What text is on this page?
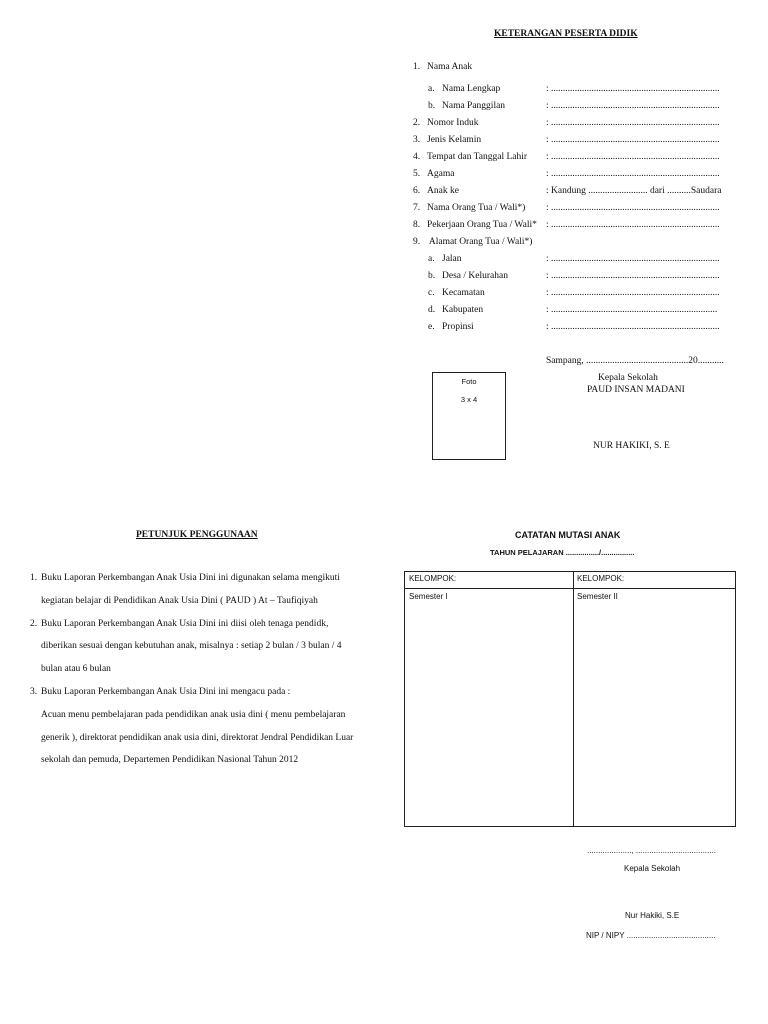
KETERANGAN PESERTA DIDIK
1. Nama Anak
a. Nama Lengkap	: .......................................................................
b. Nama Panggilan	: .......................................................................
2. Nomor Induk	: .......................................................................
3. Jenis Kelamin	: .......................................................................
4. Tempat dan Tanggal Lahir : .......................................................................
5. Agama	: .......................................................................
6. Anak ke	: Kandung ......................... dari ..........Saudara
7. Nama Orang Tua / Wali*) : .......................................................................
8. Pekerjaan Orang Tua / Wali* : .......................................................................
9. Alamat Orang Tua / Wali*)
a. Jalan	: .......................................................................
b. Desa / Kelurahan	: .......................................................................
c. Kecamatan	: .......................................................................
d. Kabupaten	: ......................................................................
e. Propinsi	: .......................................................................
Sampang, ...........................................20...........
Foto
3 x 4
Kepala Sekolah
PAUD INSAN MADANI
NUR HAKIKI, S. E
PETUNJUK PENGGUNAAN
1. Buku Laporan Perkembangan Anak Usia Dini ini digunakan selama mengikuti
kegiatan belajar di Pendidikan Anak Usia Dini ( PAUD ) At – Taufiqiyah
2. Buku Laporan Perkembangan Anak Usia Dini ini diisi oleh tenaga pendidk,
diberikan sesuai dengan kebutuhan anak, misalnya : setiap 2 bulan / 3 bulan / 4
bulan atau 6 bulan
3. Buku Laporan Perkembangan Anak Usia Dini ini mengacu pada :
Acuan menu pembelajaran pada pendidikan anak usia dini ( menu pembelajaran
generik ), direktorat pendidikan anak usia dini, direktorat Jendral Pendidikan Luar
sekolah dan pemuda, Departemen Pendidikan Nasional Tahun 2012
CATATAN MUTASI ANAK
TAHUN PELAJARAN ................/................
KELOMPOK:	KELOMPOK:
Semester I	Semester II
...................., ....................................
Kepala Sekolah
Nur Hakiki, S.E
NIP / NIPY ........................................
